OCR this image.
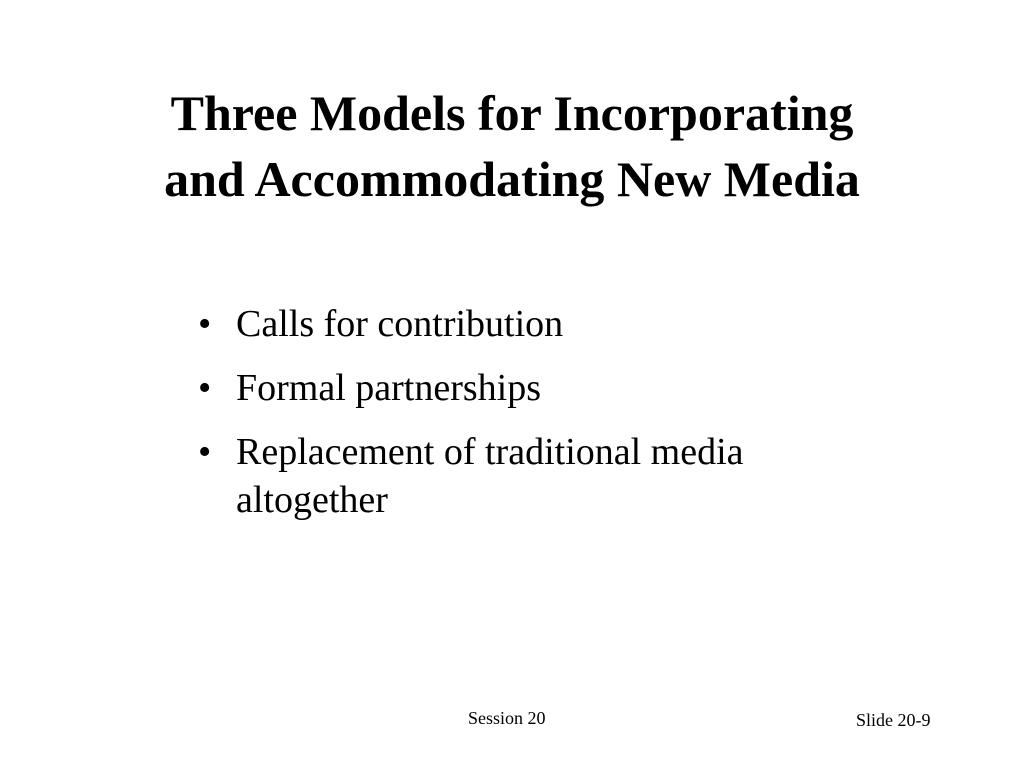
Three Models for Incorporating
and Accommodating New Media
• Calls for contribution
• Formal partnerships
• Replacement of traditional media altogether
Session 20	Slide 20-9
